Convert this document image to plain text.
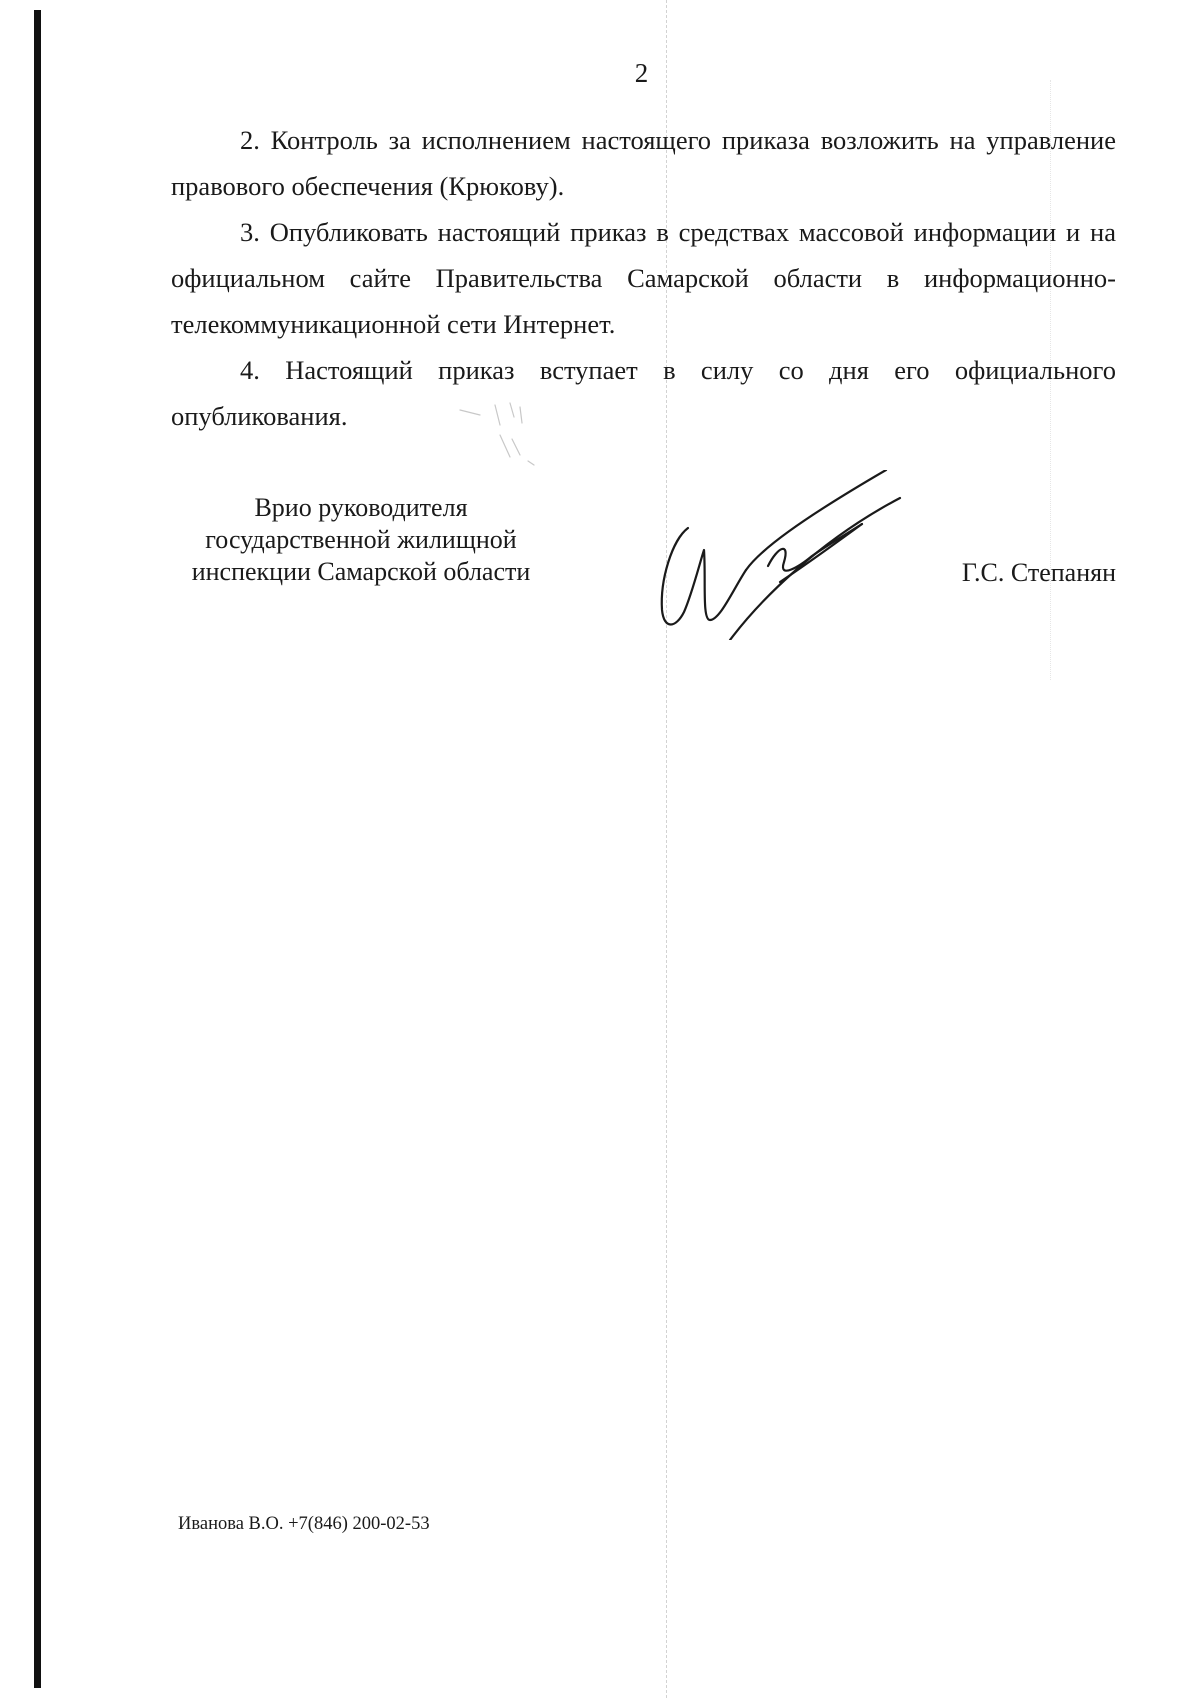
2

2. Контроль за исполнением настоящего приказа возложить на управление правового обеспечения (Крюкову).

3. Опубликовать настоящий приказ в средствах массовой информации и на официальном сайте Правительства Самарской области в информационно-телекоммуникационной сети Интернет.

4. Настоящий приказ вступает в силу со дня его официального опубликования.

Врио руководителя
государственной жилищной
инспекции Самарской области	Г.С. Степанян
Иванова В.О. +7(846) 200-02-53
